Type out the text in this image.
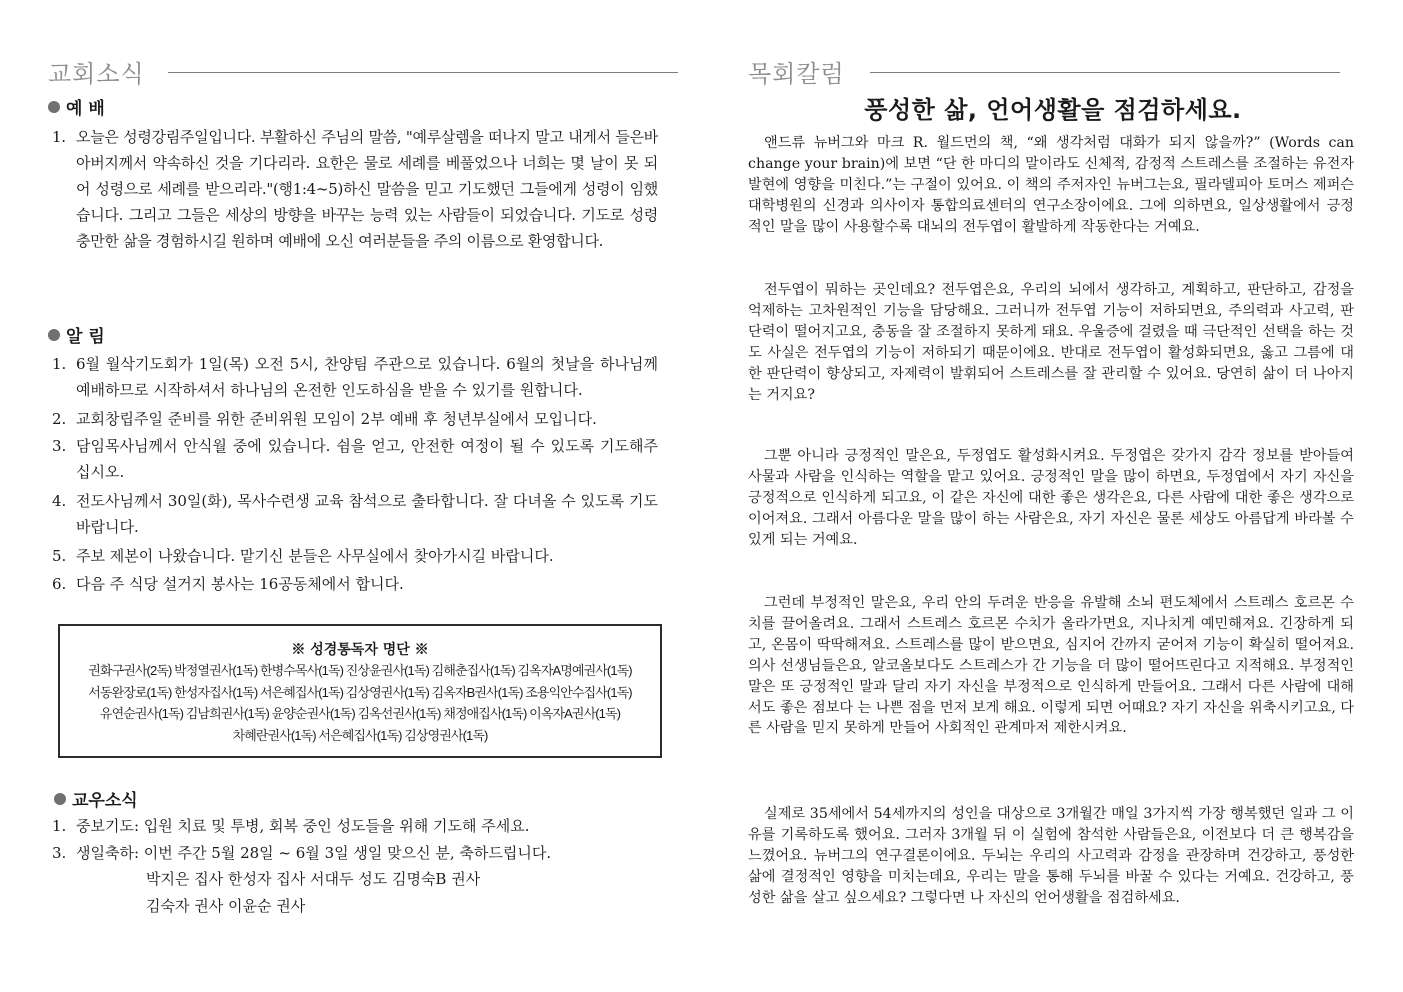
교회소식
예 배
1. 오늘은 성령강림주일입니다. 부활하신 주님의 말씀, "예루살렘을 떠나지 말고 내게서 들은바 아버지께서 약속하신 것을 기다리라. 요한은 물로 세례를 베풀었으나 너희는 몇 날이 못 되어 성령으로 세례를 받으리라."(행1:4~5)하신 말씀을 믿고 기도했던 그들에게 성령이 임했습니다. 그리고 그들은 세상의 방향을 바꾸는 능력 있는 사람들이 되었습니다. 기도로 성령 충만한 삶을 경험하시길 원하며 예배에 오신 여러분들을 주의 이름으로 환영합니다.
알 림
1. 6월 월삭기도회가 1일(목) 오전 5시, 찬양팀 주관으로 있습니다. 6월의 첫날을 하나님께 예배하므로 시작하셔서 하나님의 온전한 인도하심을 받을 수 있기를 원합니다.
2. 교회창립주일 준비를 위한 준비위원 모임이 2부 예배 후 청년부실에서 모입니다.
3. 담임목사님께서 안식월 중에 있습니다. 쉼을 얻고, 안전한 여정이 될 수 있도록 기도해주십시오.
4. 전도사님께서 30일(화), 목사수련생 교육 참석으로 출타합니다. 잘 다녀올 수 있도록 기도 바랍니다.
5. 주보 제본이 나왔습니다. 맡기신 분들은 사무실에서 찾아가시길 바랍니다.
6. 다음 주 식당 설거지 봉사는 16공동체에서 합니다.
※ 성경통독자 명단 ※
권화구권사(2독) 박정열권사(1독) 한병수목사(1독) 진상윤권사(1독) 김해춘집사(1독) 김옥자A명예권사(1독)
서동완장로(1독) 한성자집사(1독) 서은혜집사(1독) 김상영권사(1독) 김옥자B권사(1독) 조용익안수집사(1독)
유연순권사(1독) 김남희권사(1독) 윤양순권사(1독) 김옥선권사(1독) 채정애집사(1독) 이옥자A권사(1독)
차혜란권사(1독) 서은혜집사(1독) 김상영권사(1독)
교우소식
1. 중보기도: 입원 치료 및 투병, 회복 중인 성도들을 위해 기도해 주세요.
3. 생일축하: 이번 주간 5월 28일 ~ 6월 3일 생일 맞으신 분, 축하드립니다.
박지은 집사 한성자 집사 서대두 성도 김명숙B 권사
김숙자 권사 이윤순 권사
목회칼럼
풍성한 삶, 언어생활을 점검하세요.
앤드류 뉴버그와 마크 R. 월드먼의 책, “왜 생각처럼 대화가 되지 않을까?” (Words can change your brain)에 보면 “단 한 마디의 말이라도 신체적, 감정적 스트레스를 조절하는 유전자 발현에 영향을 미친다.”는 구절이 있어요. 이 책의 주저자인 뉴버그는요, 필라델피아 토머스 제퍼슨 대학병원의 신경과 의사이자 통합의료센터의 연구소장이에요. 그에 의하면요, 일상생활에서 긍정적인 말을 많이 사용할수록 대뇌의 전두엽이 활발하게 작동한다는 거예요.
전두엽이 뭐하는 곳인데요? 전두엽은요, 우리의 뇌에서 생각하고, 계획하고, 판단하고, 감정을 억제하는 고차원적인 기능을 담당해요. 그러니까 전두엽 기능이 저하되면요, 주의력과 사고력, 판단력이 떨어지고요, 충동을 잘 조절하지 못하게 돼요. 우울증에 걸렸을 때 극단적인 선택을 하는 것도 사실은 전두엽의 기능이 저하되기 때문이에요. 반대로 전두엽이 활성화되면요, 옳고 그름에 대한 판단력이 향상되고, 자제력이 발휘되어 스트레스를 잘 관리할 수 있어요. 당연히 삶이 더 나아지는 거지요?
그뿐 아니라 긍정적인 말은요, 두정엽도 활성화시켜요. 두정엽은 갖가지 감각 정보를 받아들여 사물과 사람을 인식하는 역할을 맡고 있어요. 긍정적인 말을 많이 하면요, 두정엽에서 자기 자신을 긍정적으로 인식하게 되고요, 이 같은 자신에 대한 좋은 생각은요, 다른 사람에 대한 좋은 생각으로 이어져요. 그래서 아름다운 말을 많이 하는 사람은요, 자기 자신은 물론 세상도 아름답게 바라볼 수 있게 되는 거예요.
그런데 부정적인 말은요, 우리 안의 두려운 반응을 유발해 소뇌 편도체에서 스트레스 호르몬 수치를 끌어올려요. 그래서 스트레스 호르몬 수치가 올라가면요, 지나치게 예민해져요. 긴장하게 되고, 온몸이 딱딱해져요. 스트레스를 많이 받으면요, 심지어 간까지 굳어져 기능이 확실히 떨어져요. 의사 선생님들은요, 알코올보다도 스트레스가 간 기능을 더 많이 떨어뜨린다고 지적해요. 부정적인 말은 또 긍정적인 말과 달리 자기 자신을 부정적으로 인식하게 만들어요. 그래서 다른 사람에 대해서도 좋은 점보다 는 나쁜 점을 먼저 보게 해요. 이렇게 되면 어때요? 자기 자신을 위축시키고요, 다른 사람을 믿지 못하게 만들어 사회적인 관계마저 제한시켜요.
실제로 35세에서 54세까지의 성인을 대상으로 3개월간 매일 3가지씩 가장 행복했던 일과 그 이유를 기록하도록 했어요. 그러자 3개월 뒤 이 실험에 참석한 사람들은요, 이전보다 더 큰 행복감을 느꼈어요. 뉴버그의 연구결론이에요. 두뇌는 우리의 사고력과 감정을 관장하며 건강하고, 풍성한 삶에 결정적인 영향을 미치는데요, 우리는 말을 통해 두뇌를 바꿀 수 있다는 거예요. 건강하고, 풍성한 삶을 살고 싶으세요? 그렇다면 나 자신의 언어생활을 점검하세요.
